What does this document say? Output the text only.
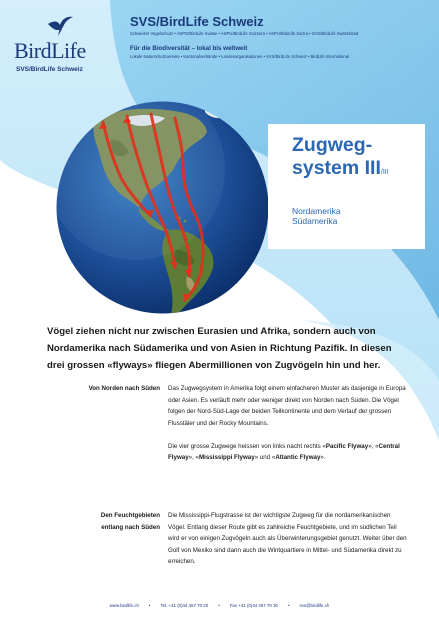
BirdLife
SVS/BirdLife Schweiz
SVS/BirdLife Schweiz
Schweizer Vogelschutz • ASPO/BirdLife Suisse • ASPU/BirdLife Svizzera • ASPU/BirdLife Svizra • SVS/BirdLife Switzerland
Für die Biodiversität – lokal bis weltweit
Lokale Naturschutzvereine • Kantonalverbände • Landesorganisationen • SVS/BirdLife Schweiz • BirdLife International
Zugweg-
system III/III
Nordamerika
Südamerika
Vögel ziehen nicht nur zwischen Eurasien und Afrika, sondern auch von Nordamerika nach Südamerika und von Asien in Richtung Pazifik. In diesen drei grossen «flyways» fliegen Abermillionen von Zugvögeln hin und her.
Von Norden nach Süden Das Zugwegsystem in Amerika folgt einem einfacheren Muster als dasjenige in Europa oder Asien. Es verläuft mehr oder weniger direkt von Norden nach Süden. Die Vögel folgen der Nord-Süd-Lage der beiden Teilkontinente und dem Verlauf der grossen Flusstäler und der Rocky Mountains.

Die vier grosse Zugwege heissen von links nacht rechts «Pacific Flyway», «Central Flyway», «Mississippi Flyway» und «Atlantic Flyway».

Den Feuchtgebieten entlang nach Süden

Die Mississippi-Flugstrasse ist der wichtigste Zugweg für die nordamerikanischen Vögel. Entlang dieser Route gibt es zahlreiche Feuchtgebiete, und im südlichen Teil wird er von einigen Zugvögeln auch als Überwinterungsgebiet genutzt. Weiter über den Golf von Mexiko sind dann auch die Wintquartiere in Mittel- und Südamerika direkt zu erreichen.

www.birdlife.ch • Tel. +41 (0)44 457 70 20 • Fax +41 (0)44 457 70 30 • svs@birdlife.ch
